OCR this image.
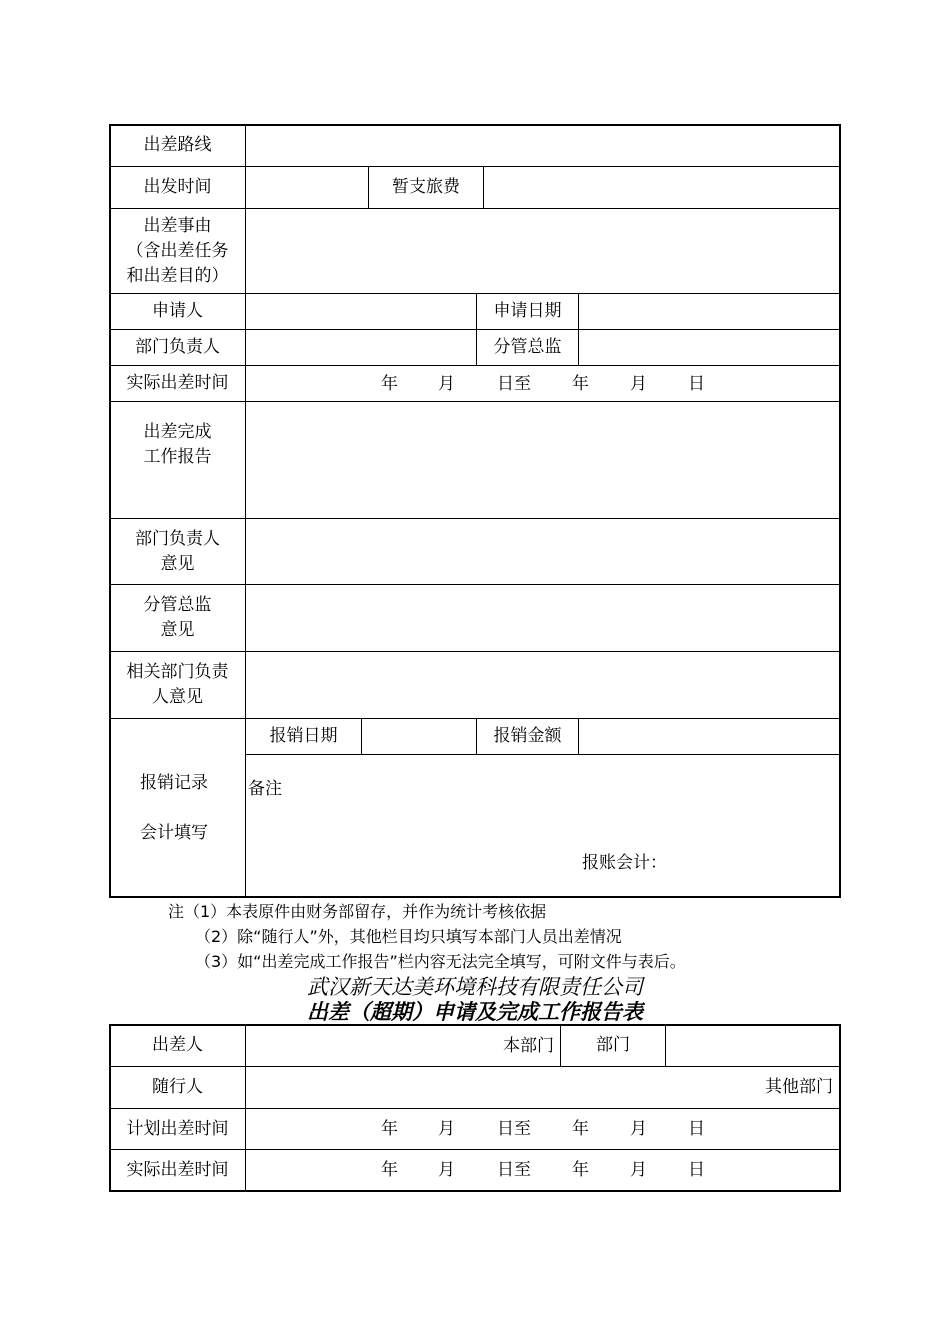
出差路线
出发时间	暂支旅费
出差事由
（含出差任务
和出差目的）
申请人	申请日期
部门负责人	分管总监
实际出差时间	年 月 日至 年 月 日
出差完成
工作报告
部门负责人
意见
分管总监
意见
相关部门负责
人意见
报销记录
会计填写
报销日期	报销金额
备注
报账会计：
注（1）本表原件由财务部留存，并作为统计考核依据
（2）除“随行人”外，其他栏目均只填写本部门人员出差情况
（3）如“出差完成工作报告”栏内容无法完全填写，可附文件与表后。
武汉新天达美环境科技有限责任公司
出差（超期）申请及完成工作报告表
出差人	本部门	部门
随行人	其他部门
计划出差时间	年 月 日至 年 月 日
实际出差时间	年 月 日至 年 月 日
